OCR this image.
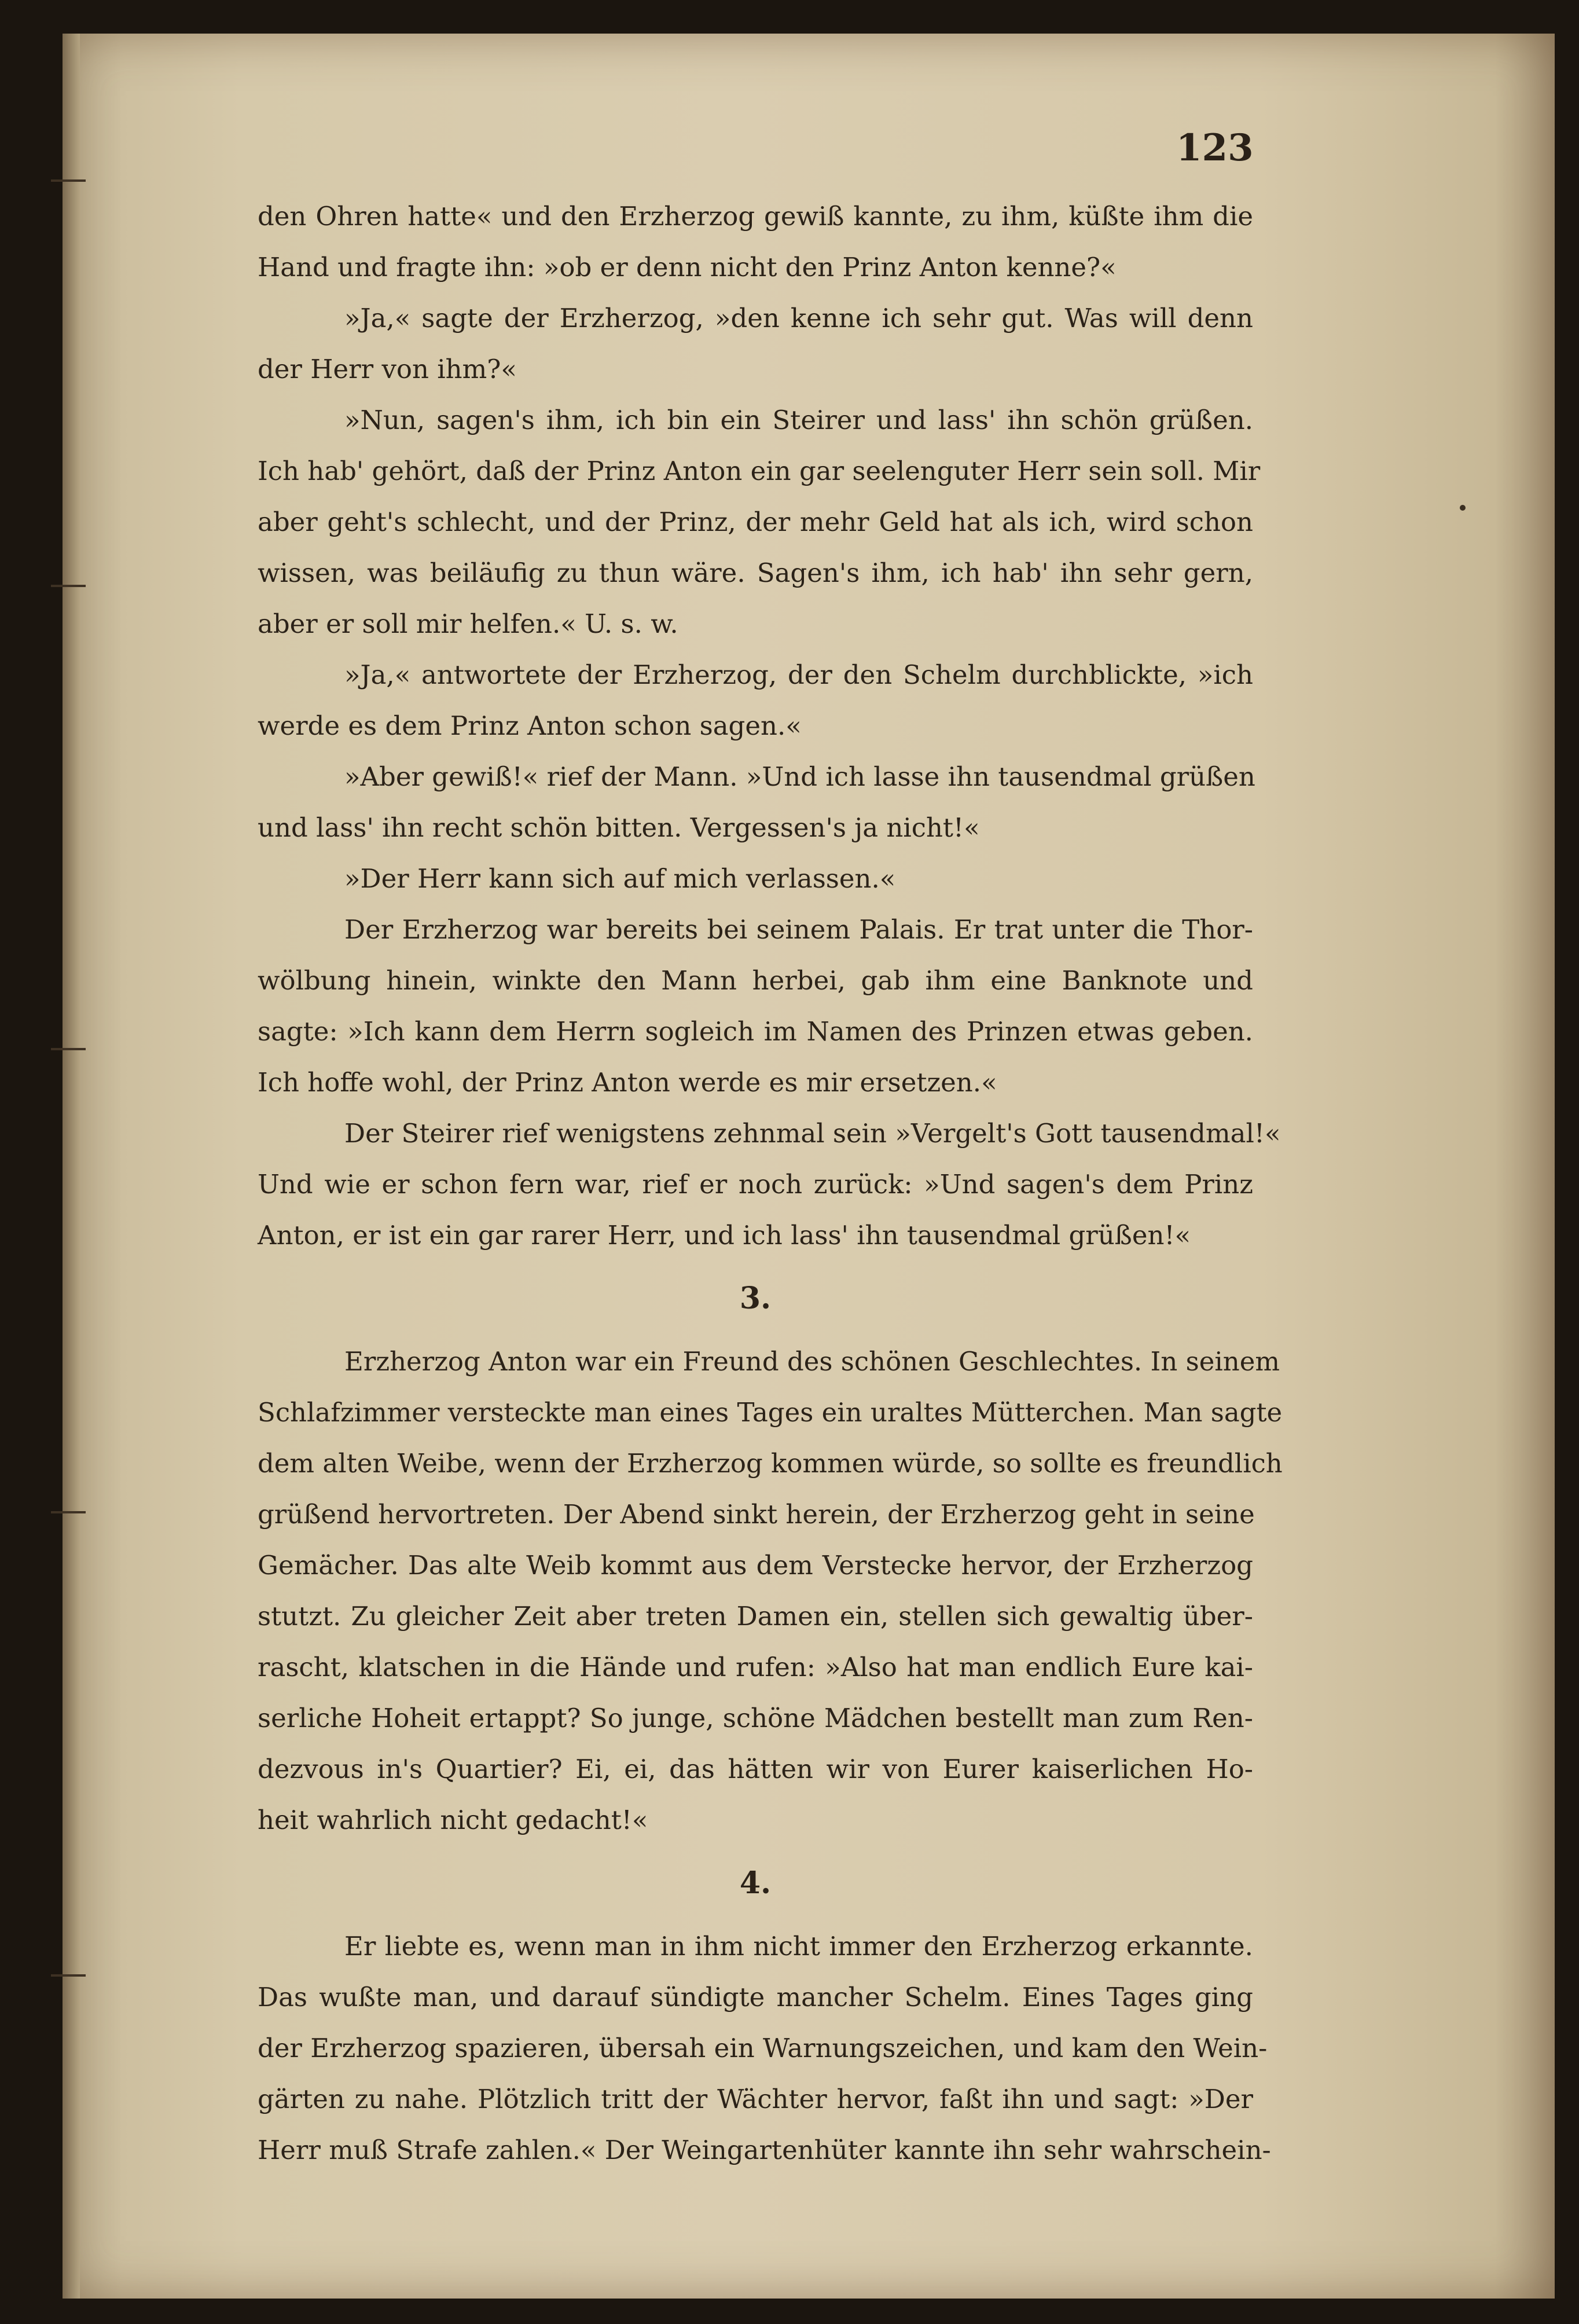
123
den Ohren hatte« und den Erzherzog gewiß kannte, zu ihm, küßte ihm die
Hand und fragte ihn: »ob er denn nicht den Prinz Anton kenne?«
»Ja,« sagte der Erzherzog, »den kenne ich sehr gut. Was will denn
der Herr von ihm?«
»Nun, sagen's ihm, ich bin ein Steirer und lass' ihn schön grüßen.
Ich hab' gehört, daß der Prinz Anton ein gar seelenguter Herr sein soll. Mir
aber geht's schlecht, und der Prinz, der mehr Geld hat als ich, wird schon
wissen, was beiläufig zu thun wäre. Sagen's ihm, ich hab' ihn sehr gern,
aber er soll mir helfen.« U. s. w.
»Ja,« antwortete der Erzherzog, der den Schelm durchblickte, »ich
werde es dem Prinz Anton schon sagen.«
»Aber gewiß!« rief der Mann. »Und ich lasse ihn tausendmal grüßen
und lass' ihn recht schön bitten. Vergessen's ja nicht!«
»Der Herr kann sich auf mich verlassen.«
Der Erzherzog war bereits bei seinem Palais. Er trat unter die Thor-
wölbung hinein, winkte den Mann herbei, gab ihm eine Banknote und
sagte: »Ich kann dem Herrn sogleich im Namen des Prinzen etwas geben.
Ich hoffe wohl, der Prinz Anton werde es mir ersetzen.«
Der Steirer rief wenigstens zehnmal sein »Vergelt's Gott tausendmal!«
Und wie er schon fern war, rief er noch zurück: »Und sagen's dem Prinz
Anton, er ist ein gar rarer Herr, und ich lass' ihn tausendmal grüßen!«
3.
Erzherzog Anton war ein Freund des schönen Geschlechtes. In seinem
Schlafzimmer versteckte man eines Tages ein uraltes Mütterchen. Man sagte
dem alten Weibe, wenn der Erzherzog kommen würde, so sollte es freundlich
grüßend hervortreten. Der Abend sinkt herein, der Erzherzog geht in seine
Gemächer. Das alte Weib kommt aus dem Verstecke hervor, der Erzherzog
stutzt. Zu gleicher Zeit aber treten Damen ein, stellen sich gewaltig über-
rascht, klatschen in die Hände und rufen: »Also hat man endlich Eure kai-
serliche Hoheit ertappt? So junge, schöne Mädchen bestellt man zum Ren-
dezvous in's Quartier? Ei, ei, das hätten wir von Eurer kaiserlichen Ho-
heit wahrlich nicht gedacht!«
4.
Er liebte es, wenn man in ihm nicht immer den Erzherzog erkannte.
Das wußte man, und darauf sündigte mancher Schelm. Eines Tages ging
der Erzherzog spazieren, übersah ein Warnungszeichen, und kam den Wein-
gärten zu nahe. Plötzlich tritt der Wächter hervor, faßt ihn und sagt: »Der
Herr muß Strafe zahlen.« Der Weingartenhüter kannte ihn sehr wahrschein-
